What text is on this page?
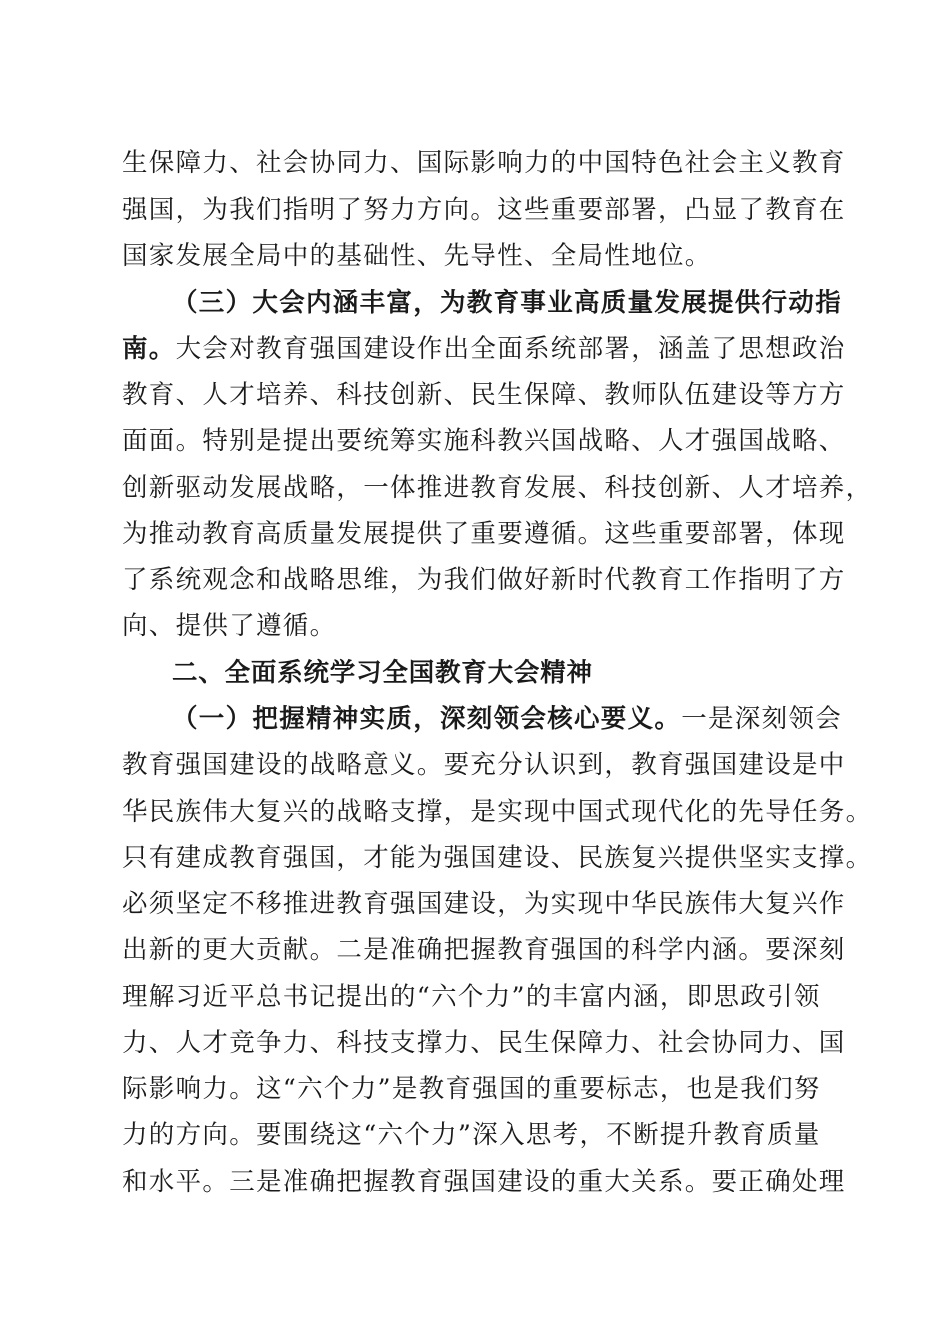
生保障力、社会协同力、国际影响力的中国特色社会主义教育
强国，为我们指明了努力方向。这些重要部署，凸显了教育在
国家发展全局中的基础性、先导性、全局性地位。
（三）大会内涵丰富，为教育事业高质量发展提供行动指
南。大会对教育强国建设作出全面系统部署，涵盖了思想政治
教育、人才培养、科技创新、民生保障、教师队伍建设等方方
面面。特别是提出要统筹实施科教兴国战略、人才强国战略、
创新驱动发展战略，一体推进教育发展、科技创新、人才培养，
为推动教育高质量发展提供了重要遵循。这些重要部署，体现
了系统观念和战略思维，为我们做好新时代教育工作指明了方
向、提供了遵循。
二、全面系统学习全国教育大会精神
（一）把握精神实质，深刻领会核心要义。一是深刻领会
教育强国建设的战略意义。要充分认识到，教育强国建设是中
华民族伟大复兴的战略支撑，是实现中国式现代化的先导任务。
只有建成教育强国，才能为强国建设、民族复兴提供坚实支撑。
必须坚定不移推进教育强国建设，为实现中华民族伟大复兴作
出新的更大贡献。二是准确把握教育强国的科学内涵。要深刻
理解习近平总书记提出的“六个力”的丰富内涵，即思政引领
力、人才竞争力、科技支撑力、民生保障力、社会协同力、国
际影响力。这“六个力”是教育强国的重要标志，也是我们努
力的方向。要围绕这“六个力”深入思考，不断提升教育质量
和水平。三是准确把握教育强国建设的重大关系。要正确处理
